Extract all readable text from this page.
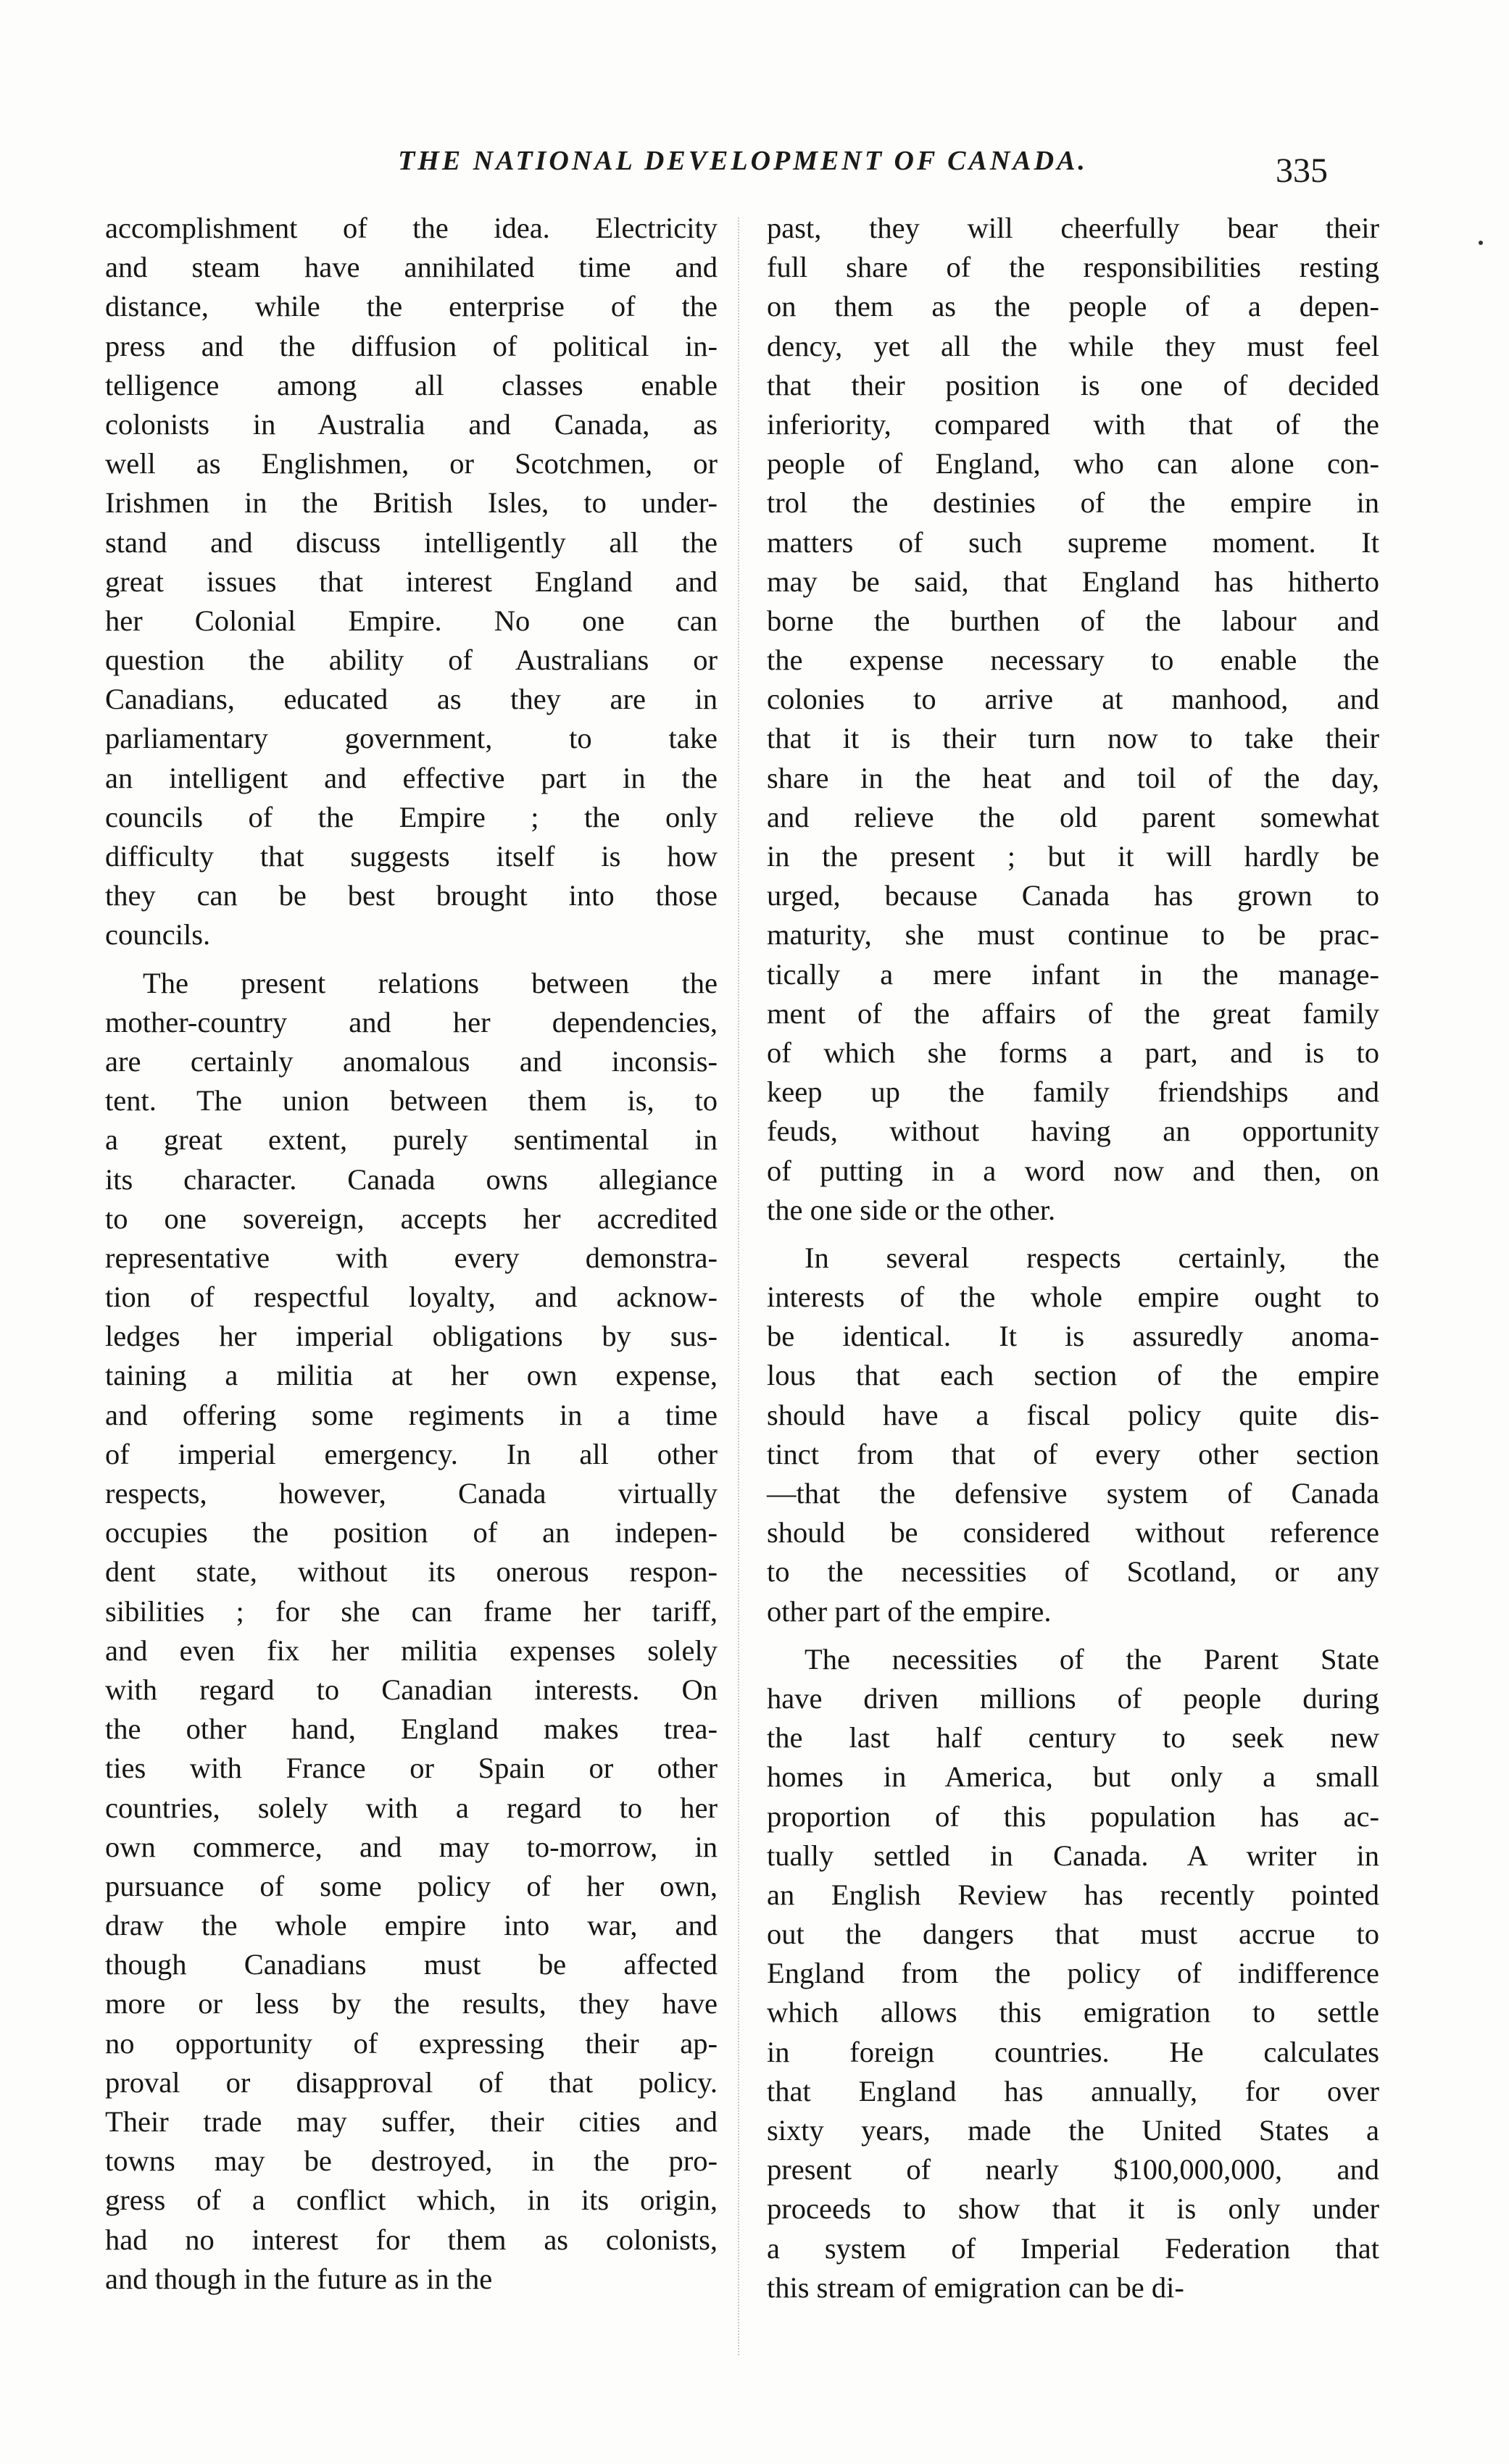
THE NATIONAL DEVELOPMENT OF CANADA.	335
accomplishment of the idea. Electricity
and steam have annihilated time and
distance, while the enterprise of the
press and the diffusion of political in-
telligence among all classes enable
colonists in Australia and Canada, as
well as Englishmen, or Scotchmen, or
Irishmen in the British Isles, to under-
stand and discuss intelligently all the
great issues that interest England and
her Colonial Empire. No one can
question the ability of Australians or
Canadians, educated as they are in
parliamentary government, to take
an intelligent and effective part in the
councils of the Empire ; the only
difficulty that suggests itself is how
they can be best brought into those
councils.
The present relations between the
mother-country and her dependencies,
are certainly anomalous and inconsis-
tent. The union between them is, to
a great extent, purely sentimental in
its character. Canada owns allegiance
to one sovereign, accepts her accredited
representative with every demonstra-
tion of respectful loyalty, and acknow-
ledges her imperial obligations by sus-
taining a militia at her own expense,
and offering some regiments in a time
of imperial emergency. In all other
respects, however, Canada virtually
occupies the position of an indepen-
dent state, without its onerous respon-
sibilities ; for she can frame her tariff,
and even fix her militia expenses solely
with regard to Canadian interests. On
the other hand, England makes trea-
ties with France or Spain or other
countries, solely with a regard to her
own commerce, and may to-morrow, in
pursuance of some policy of her own,
draw the whole empire into war, and
though Canadians must be affected
more or less by the results, they have
no opportunity of expressing their ap-
proval or disapproval of that policy.
Their trade may suffer, their cities and
towns may be destroyed, in the pro-
gress of a conflict which, in its origin,
had no interest for them as colonists,
and though in the future as in the
past, they will cheerfully bear their
full share of the responsibilities resting
on them as the people of a depen-
dency, yet all the while they must feel
that their position is one of decided
inferiority, compared with that of the
people of England, who can alone con-
trol the destinies of the empire in
matters of such supreme moment. It
may be said, that England has hitherto
borne the burthen of the labour and
the expense necessary to enable the
colonies to arrive at manhood, and
that it is their turn now to take their
share in the heat and toil of the day,
and relieve the old parent somewhat
in the present ; but it will hardly be
urged, because Canada has grown to
maturity, she must continue to be prac-
tically a mere infant in the manage-
ment of the affairs of the great family
of which she forms a part, and is to
keep up the family friendships and
feuds, without having an opportunity
of putting in a word now and then, on
the one side or the other.
In several respects certainly, the
interests of the whole empire ought to
be identical. It is assuredly anoma-
lous that each section of the empire
should have a fiscal policy quite dis-
tinct from that of every other section
—that the defensive system of Canada
should be considered without reference
to the necessities of Scotland, or any
other part of the empire.
The necessities of the Parent State
have driven millions of people during
the last half century to seek new
homes in America, but only a small
proportion of this population has ac-
tually settled in Canada. A writer in
an English Review has recently pointed
out the dangers that must accrue to
England from the policy of indifference
which allows this emigration to settle
in foreign countries. He calculates
that England has annually, for over
sixty years, made the United States a
present of nearly $100,000,000, and
proceeds to show that it is only under
a system of Imperial Federation that
this stream of emigration can be di-
